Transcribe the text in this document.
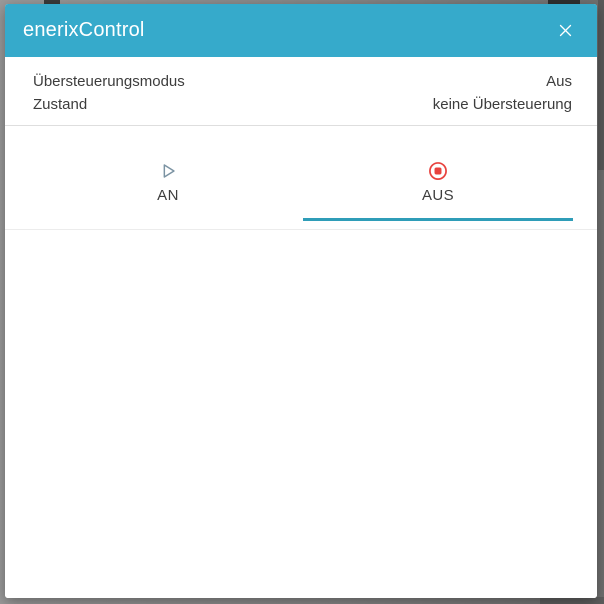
enerixControl
Übersteuerungsmodus	Aus
Zustand	keine Übersteuerung
AN	AUS
